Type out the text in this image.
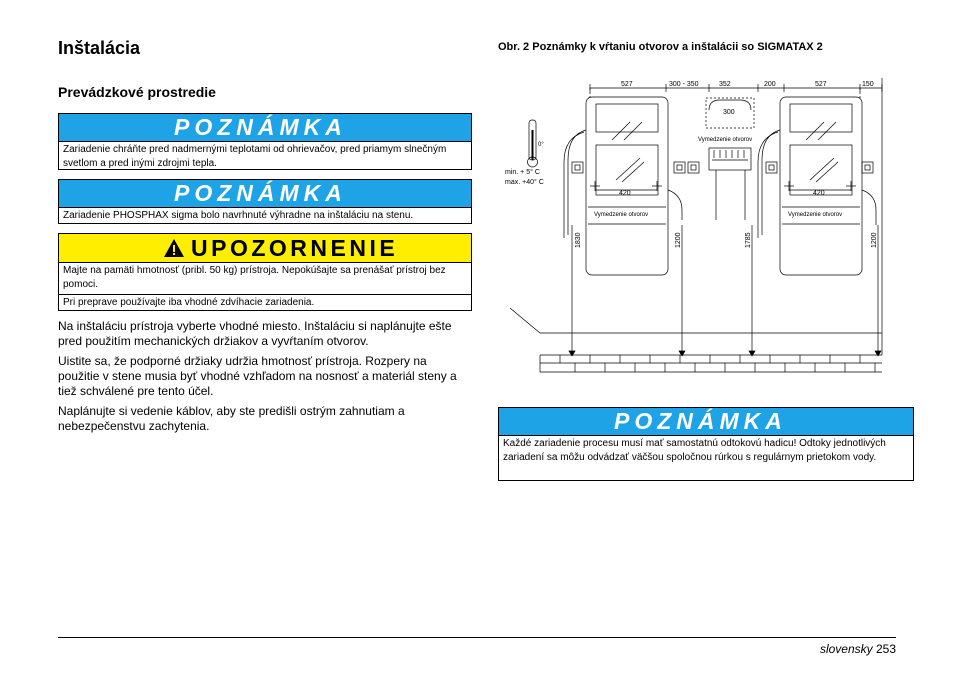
Inštalácia
Prevádzkové prostredie
POZNÁMKA
Zariadenie chráňte pred nadmernými teplotami od ohrievačov, pred priamym slnečným svetlom a pred inými zdrojmi tepla.
POZNÁMKA
Zariadenie PHOSPHAX sigma bolo navrhnuté výhradne na inštaláciu na stenu.
UPOZORNENIE
Majte na pamäti hmotnosť (pribl. 50 kg) prístroja. Nepokúšajte sa prenášať prístroj bez pomoci.
Pri preprave používajte iba vhodné zdvíhacie zariadenia.

Na inštaláciu prístroja vyberte vhodné miesto. Inštaláciu si naplánujte ešte pred použitím mechanických držiakov a vyvŕtaním otvorov.

Uistite sa, že podporné držiaky udržia hmotnosť prístroja. Rozpery na použitie v stene musia byť vhodné vzhľadom na nosnosť a materiál steny a tiež schválené pre tento účel.

Naplánujte si vedenie káblov, aby ste predišli ostrým zahnutiam a nebezpečenstvu zachytenia.

Obr. 2 Poznámky k vŕtaniu otvorov a inštalácii so SIGMATAX 2
527	300 - 350	352	200	527	150
300
420	420
Vymedzenie otvorov
Vymedzenie otvorov
Vymedzenie otvorov
0°
1830	1200	1785	1200
min. + 5° C
max. +40° C
POZNÁMKA
Každé zariadenie procesu musí mať samostatnú odtokovú hadicu! Odtoky jednotlivých zariadení sa môžu odvádzať väčšou spoločnou rúrkou s regulárnym prietokom vody.
slovensky 253
